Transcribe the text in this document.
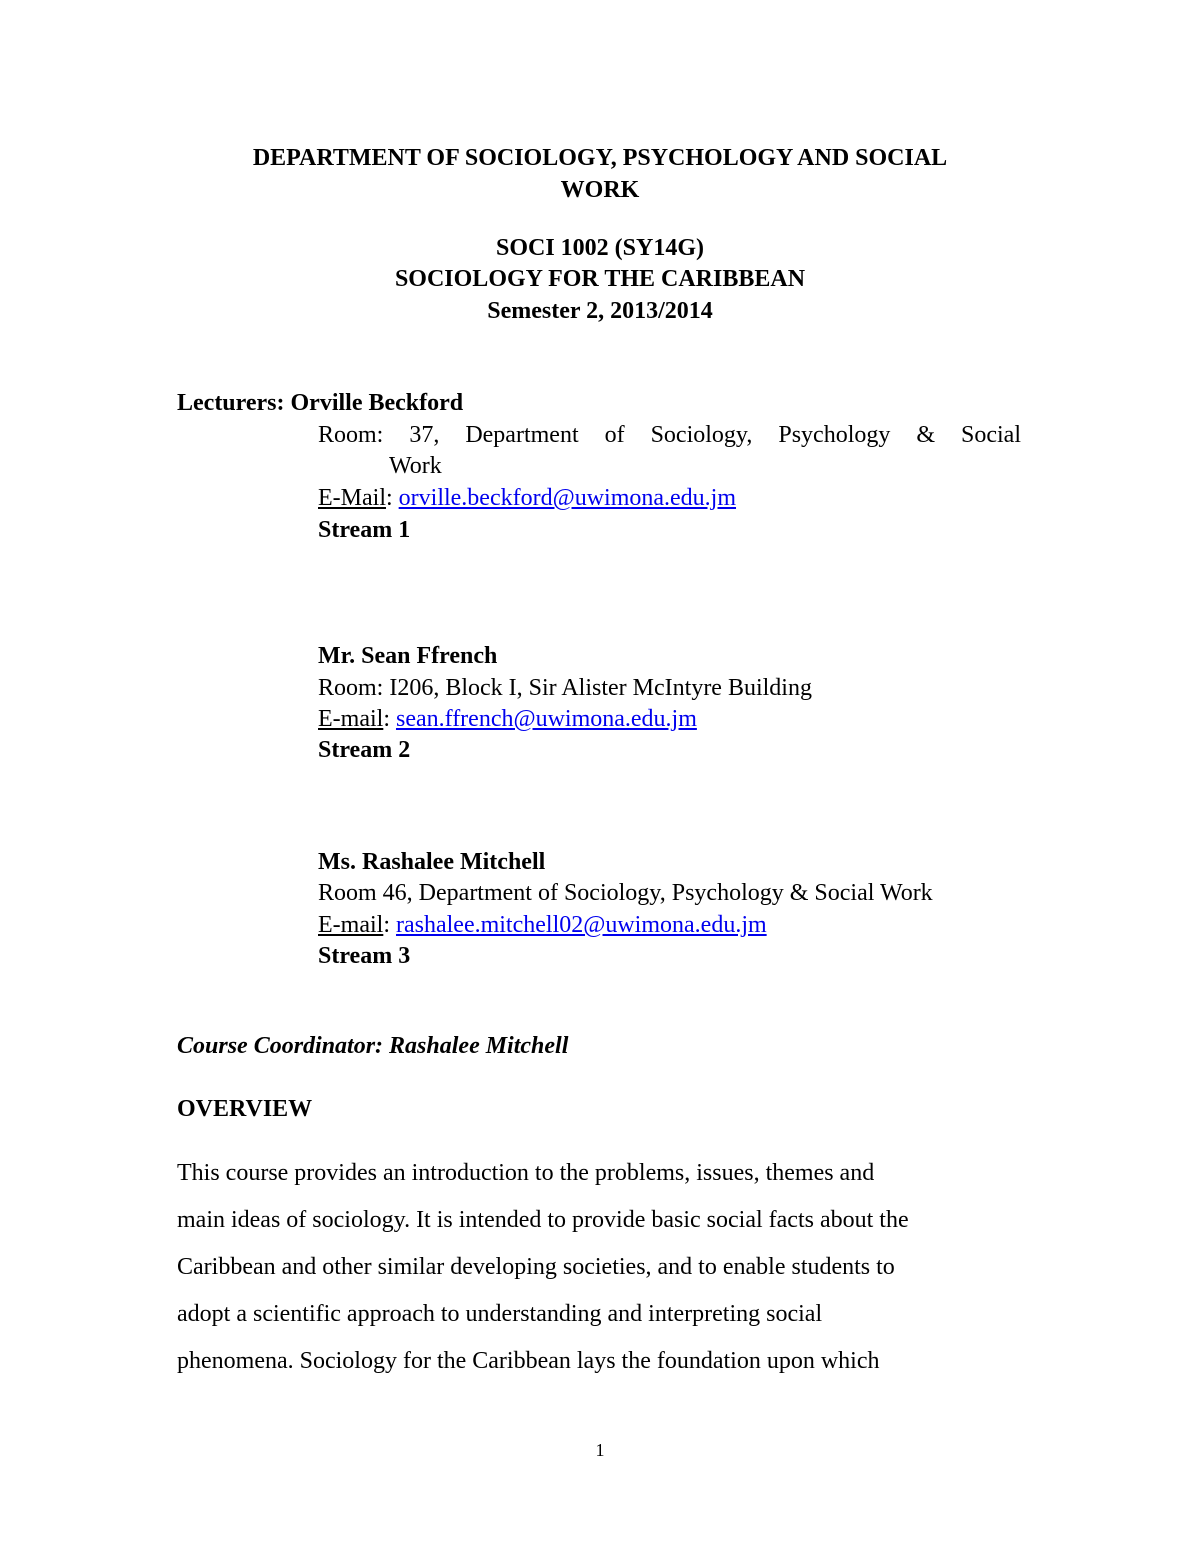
DEPARTMENT OF SOCIOLOGY, PSYCHOLOGY AND SOCIAL
WORK
SOCI 1002 (SY14G)
SOCIOLOGY FOR THE CARIBBEAN
Semester 2, 2013/2014
Lecturers: Orville Beckford
Room: 37, Department of Sociology, Psychology & Social
Work
E-Mail: orville.beckford@uwimona.edu.jm
Stream 1
Mr. Sean Ffrench
Room: I206, Block I, Sir Alister McIntyre Building
E-mail: sean.ffrench@uwimona.edu.jm
Stream 2
Ms. Rashalee Mitchell
Room 46, Department of Sociology, Psychology & Social Work
E-mail: rashalee.mitchell02@uwimona.edu.jm
Stream 3
Course Coordinator: Rashalee Mitchell
OVERVIEW
This course provides an introduction to the problems, issues, themes and
main ideas of sociology. It is intended to provide basic social facts about the
Caribbean and other similar developing societies, and to enable students to
adopt a scientific approach to understanding and interpreting social
phenomena. Sociology for the Caribbean lays the foundation upon which
1
